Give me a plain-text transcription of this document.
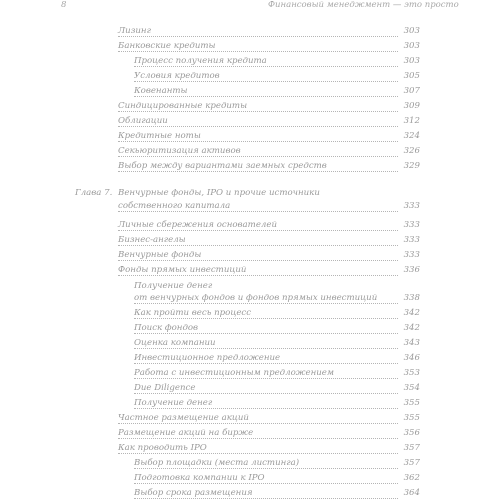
8	Финансовый менеджмент — это просто
Лизинг	303
Банковские кредиты	303
Процесс получения кредита	303
Условия кредитов	305
Ковенанты	307
Синдицированные кредиты	309
Облигации	312
Кредитные ноты	324
Секьюритизация активов	326
Выбор между вариантами заемных средств	329
Глава 7. Венчурные фонды, IPO и прочие источники
собственного капитала	333
Личные сбережения основателей	333
Бизнес-ангелы	333
Венчурные фонды	333
Фонды прямых инвестиций	336
Получение денег
от венчурных фондов и фондов прямых инвестиций	338
Как пройти весь процесс	342
Поиск фондов	342
Оценка компании	343
Инвестиционное предложение	346
Работа с инвестиционным предложением	353
Due Diligence	354
Получение денег	355
Частное размещение акций	355
Размещение акций на бирже	356
Как проводить IPO	357
Выбор площадки (места листинга)	357
Подготовка компании к IPO	362
Выбор срока размещения	364
